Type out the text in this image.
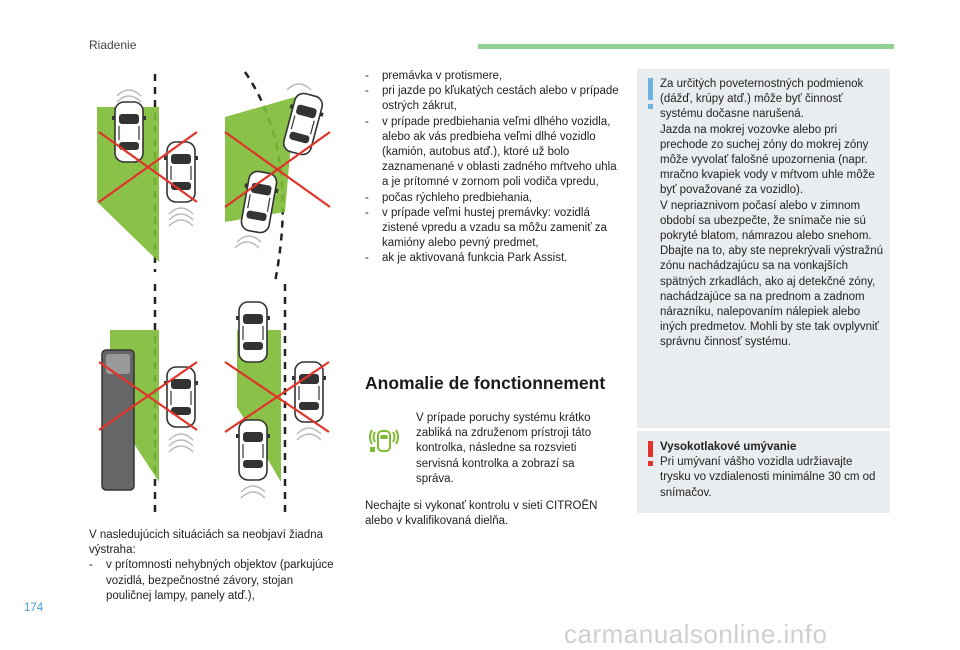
Riadenie
V nasledujúcich situáciách sa neobjaví žiadna výstraha:
- v prítomnosti nehybných objektov (parkujúce vozidlá, bezpečnostné závory, stojan pouličnej lampy, panely atď.),
- premávka v protismere,
- pri jazde po kľukatých cestách alebo v prípade ostrých zákrut,
- v prípade predbiehania veľmi dlhého vozidla, alebo ak vás predbieha veľmi dlhé vozidlo (kamión, autobus atď.), ktoré už bolo zaznamenané v oblasti zadného mŕtveho uhla a je prítomné v zornom poli vodiča vpredu,
- počas rýchleho predbiehania,
- v prípade veľmi hustej premávky: vozidlá zistené vpredu a vzadu sa môžu zameniť za kamióny alebo pevný predmet,
- ak je aktivovaná funkcia Park Assist.
Anomalie de fonctionnement
V prípade poruchy systému krátko zabliká na združenom prístroji táto kontrolka, následne sa rozsvieti servisná kontrolka a zobrazí sa správa.
Nechajte si vykonať kontrolu v sieti CITROËN alebo v kvalifikovaná dielňa.
Za určitých poveternostných podmienok (dážď, krúpy atď.) môže byť činnosť systému dočasne narušená.
Jazda na mokrej vozovke alebo pri prechode zo suchej zóny do mokrej zóny môže vyvolať falošné upozornenia (napr. mračno kvapiek vody v mŕtvom uhle môže byť považované za vozidlo).
V nepriaznivom počasí alebo v zimnom období sa ubezpečte, že snímače nie sú pokryté blatom, námrazou alebo snehom. Dbajte na to, aby ste neprekrývali výstražnú zónu nachádzajúcu sa na vonkajších spätných zrkadlách, ako aj detekčné zóny, nachádzajúce sa na prednom a zadnom nárazníku, nalepovaním nálepiek alebo iných predmetov. Mohli by ste tak ovplyvniť správnu činnosť systému.
Vysokotlakové umývanie
Pri umývaní vášho vozidla udržiavajte trysku vo vzdialenosti minimálne 30 cm od snímačov.
174
carmanualsonline.info
